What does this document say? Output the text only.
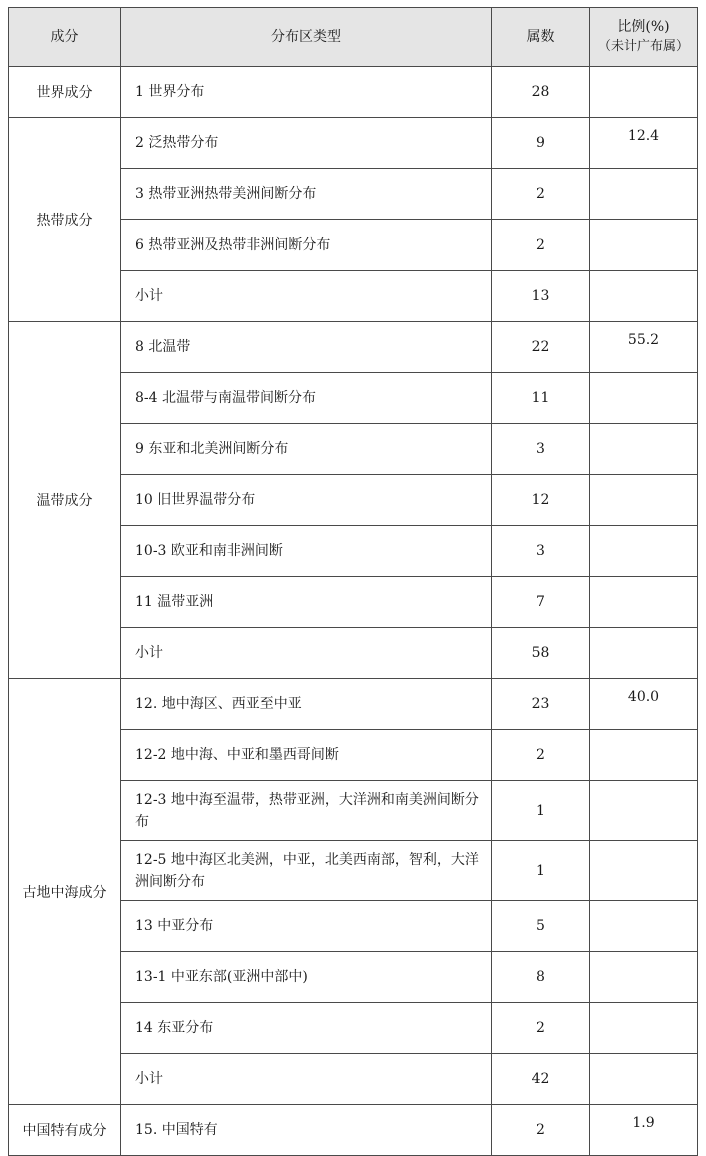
成分	分布区类型	属数	比例(%)

（未计广布属）

世界成分	1 世界分布	28	
热带成分	2 泛热带分布	9	12.4
	3 热带亚洲热带美洲间断分布	2	
	6 热带亚洲及热带非洲间断分布	2	
	小计	13	
温带成分	8 北温带	22	55.2
	8-4 北温带与南温带间断分布	11	
	9 东亚和北美洲间断分布	3	
	10 旧世界温带分布	12	
	10-3 欧亚和南非洲间断	3	
	11 温带亚洲	7	
	小计	58	
古地中海成分	12. 地中海区、西亚至中亚	23	40.0
	12-2 地中海、中亚和墨西哥间断	2	
	12-3 地中海至温带，热带亚洲，大洋洲和南美洲间断分布	1	
	12-5 地中海区北美洲，中亚，北美西南部，智利，大洋洲间断分布	1	
	13 中亚分布	5	
	13-1 中亚东部(亚洲中部中)	8	
	14 东亚分布	2	
	小计	42	
中国特有成分	15. 中国特有	2	1.9
